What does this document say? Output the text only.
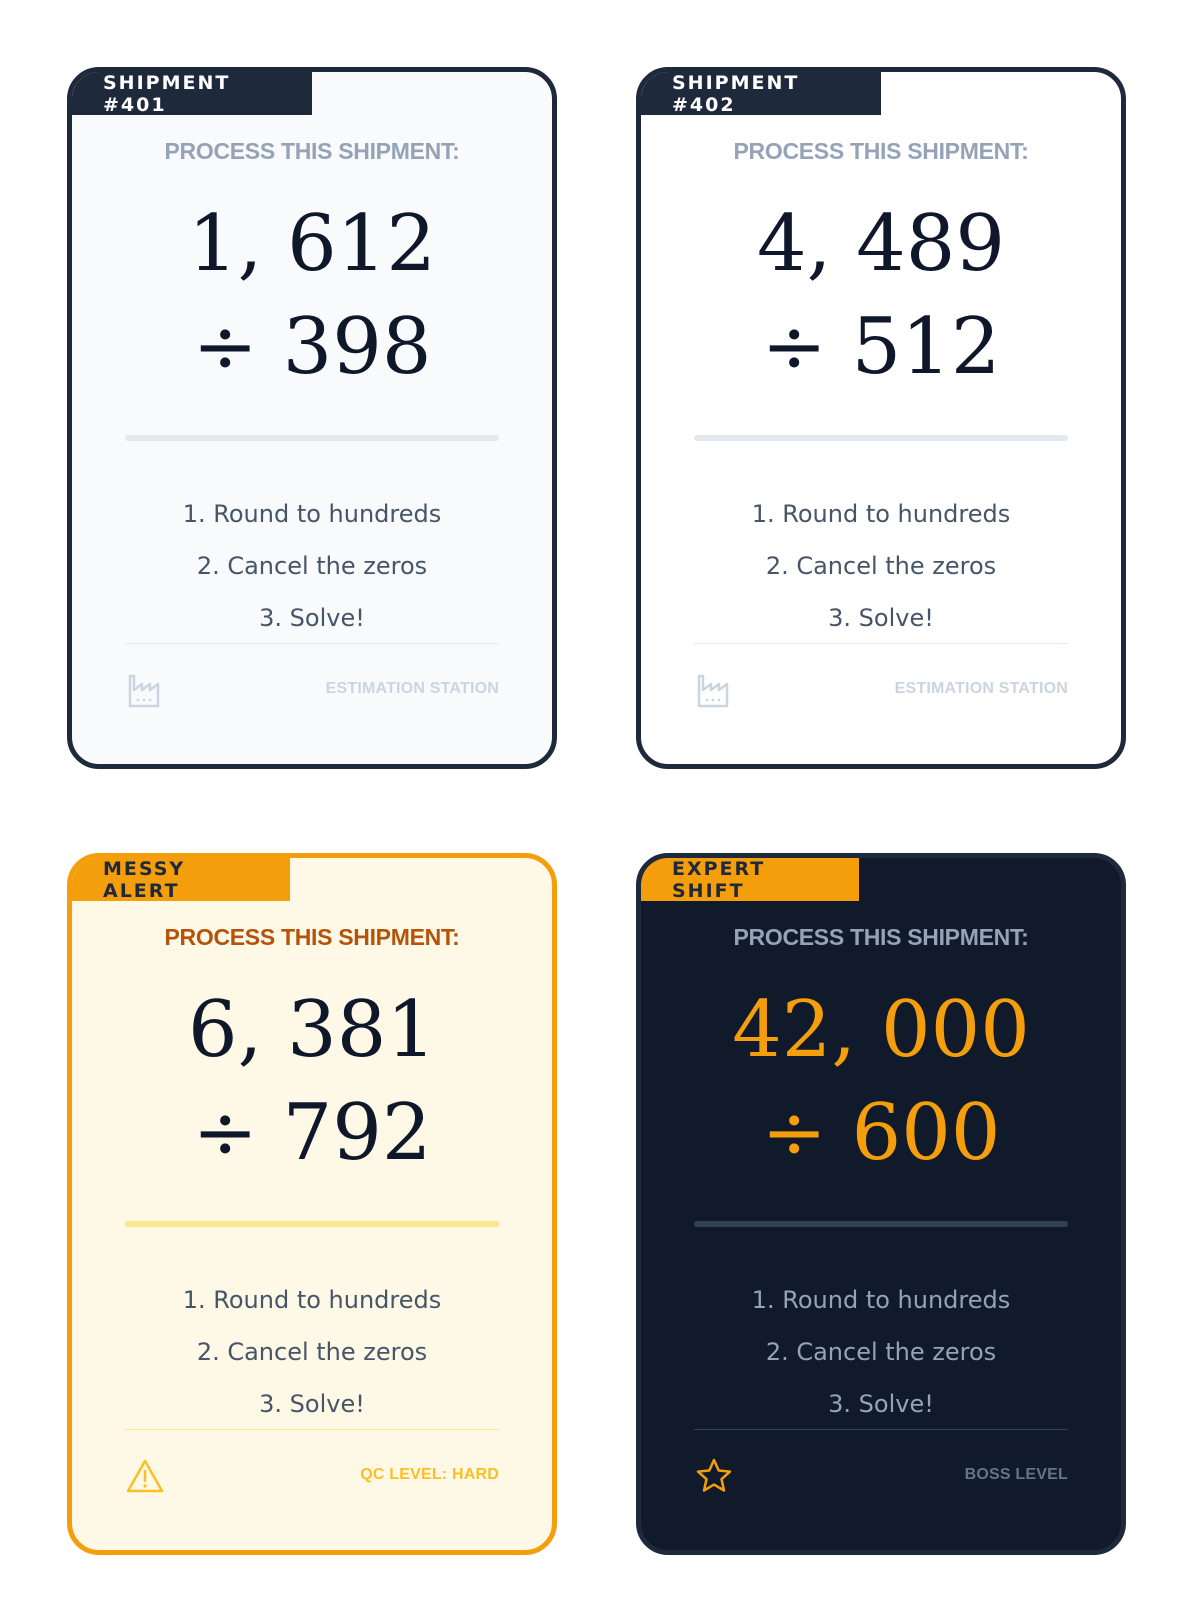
SHIPMENT #401
PROCESS THIS SHIPMENT:
1, 612
÷ 398
1. Round to hundreds
2. Cancel the zeros
3. Solve!
ESTIMATION STATION
SHIPMENT #402
PROCESS THIS SHIPMENT:
4, 489
÷ 512
1. Round to hundreds
2. Cancel the zeros
3. Solve!
ESTIMATION STATION
MESSY ALERT
PROCESS THIS SHIPMENT:
6, 381
÷ 792
1. Round to hundreds
2. Cancel the zeros
3. Solve!
QC LEVEL: HARD
EXPERT SHIFT
PROCESS THIS SHIPMENT:
42, 000
÷ 600
1. Round to hundreds
2. Cancel the zeros
3. Solve!
BOSS LEVEL
